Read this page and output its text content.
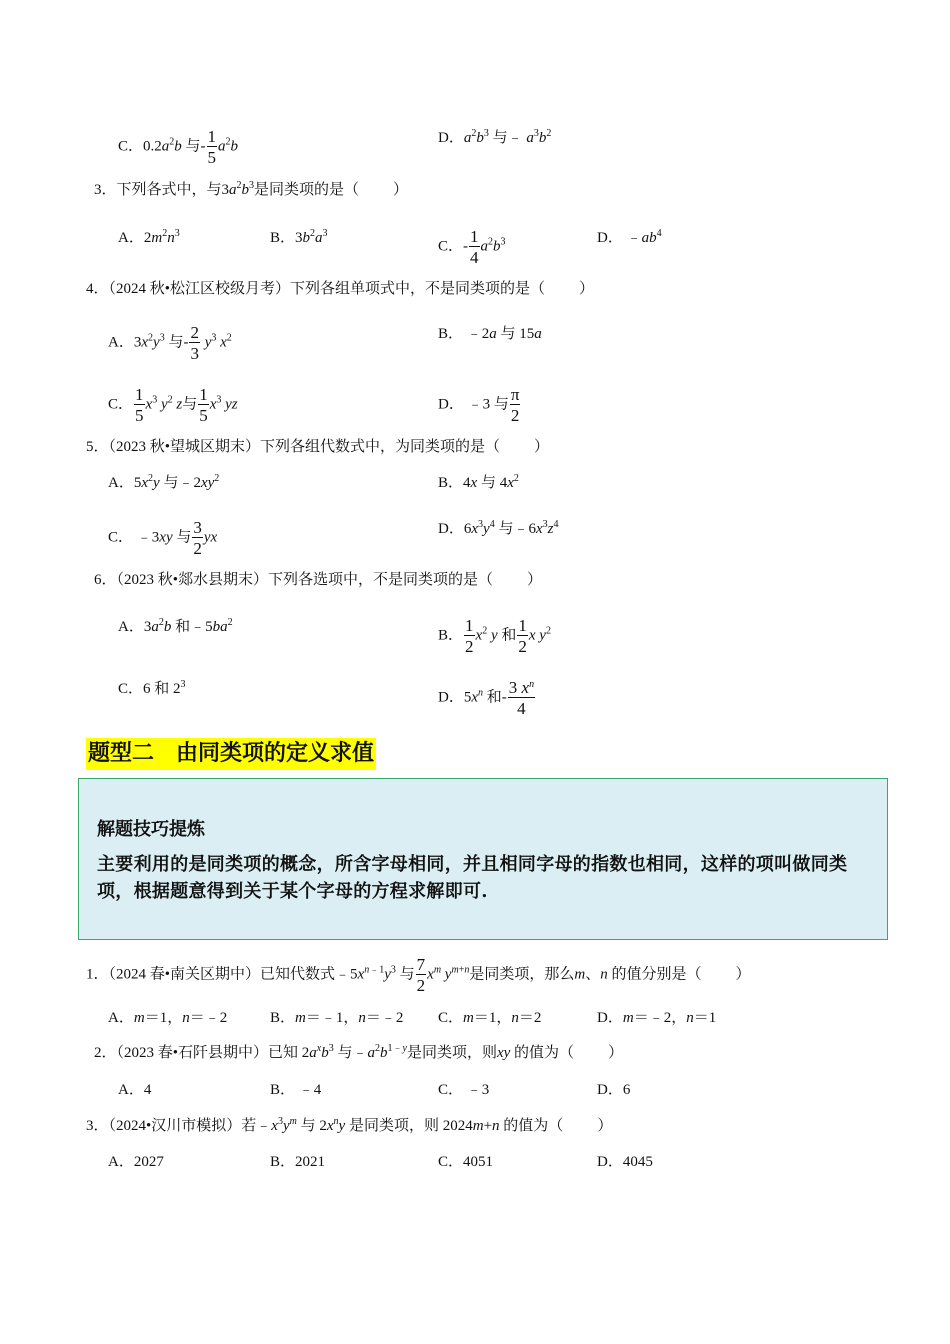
C．$0.2a^2b$ 与- $\frac{1}{5} a^2b$
D．$a^2b^3$ 与﹣ $a^3b^2$
3．下列各式中，与$3a^2b^3$是同类项的是（ ）
A．$2m^2n^3$	B．$3b^2a^3$
C．- $\frac{1}{4} a^2b^3$	D． $﹣ab^4$
4．（2024 秋•松江区校级月考）下列各组单项式中，不是同类项的是（ ）
A．$3x^2y^3$ 与- $\frac{2}{3} y^3$ $x^2$	B． ﹣2a 与 15a
C． $\frac{1}{5} x^3$ $y^2$ z与 $\frac{1}{5} x^3$ yz	D． ﹣3 与 $\frac{\pi}{2}$
5．（2023 秋•望城区期末）下列各组代数式中，为同类项的是（ ）
A．$5x^2y$ 与$﹣2xy^2$	B．4x 与 $4x^2$
C． ﹣3xy 与 $\frac{3}{2}$ yx
D．$6x^3y^4$ 与$﹣6x^3z^4$
6．（2023 秋•郯水县期末）下列各选项中，不是同类项的是（ ）
A．$3a^2b$ 和$﹣5ba^2$
B． $\frac{1}{2} x^2$ y 和 $\frac{1}{2}$ x $y^2$
C．6 和 $2^3$
D．$5x^n$ 和- $\frac{3 x^n}{4}$
题型二　由同类项的定义求值
解题技巧提炼
主要利用的是同类项的概念，所含字母相同，并且相同字母的指数也相同，这样的项叫做同类项，根据题意得到关于某个字母的方程求解即可.
1．（2024 春•南关区期中）已知代数式$﹣5x^{n﹣1}y^3$ 与 $\frac{7}{2} x^m$ $y^{m+n}$是同类项，那么m、n 的值分别是（ ）
A．m＝1，n＝﹣2	B．m＝﹣1，n＝﹣2 C．m＝1，n＝2	D．m＝﹣2，n＝1
2．（2023 春•石阡县期中）已知 $2a^xb^3$ 与$﹣a^2b^{1﹣y}$是同类项，则xy 的值为（ ）
A．4	B． ﹣4	C． ﹣3	D．6
3．（2024•汉川市模拟）若$﹣x^3y^m$ 与 $2x^ny$ 是同类项，则 2024m+n 的值为（ ）
A．2027	B．2021	C．4051	D．4045
